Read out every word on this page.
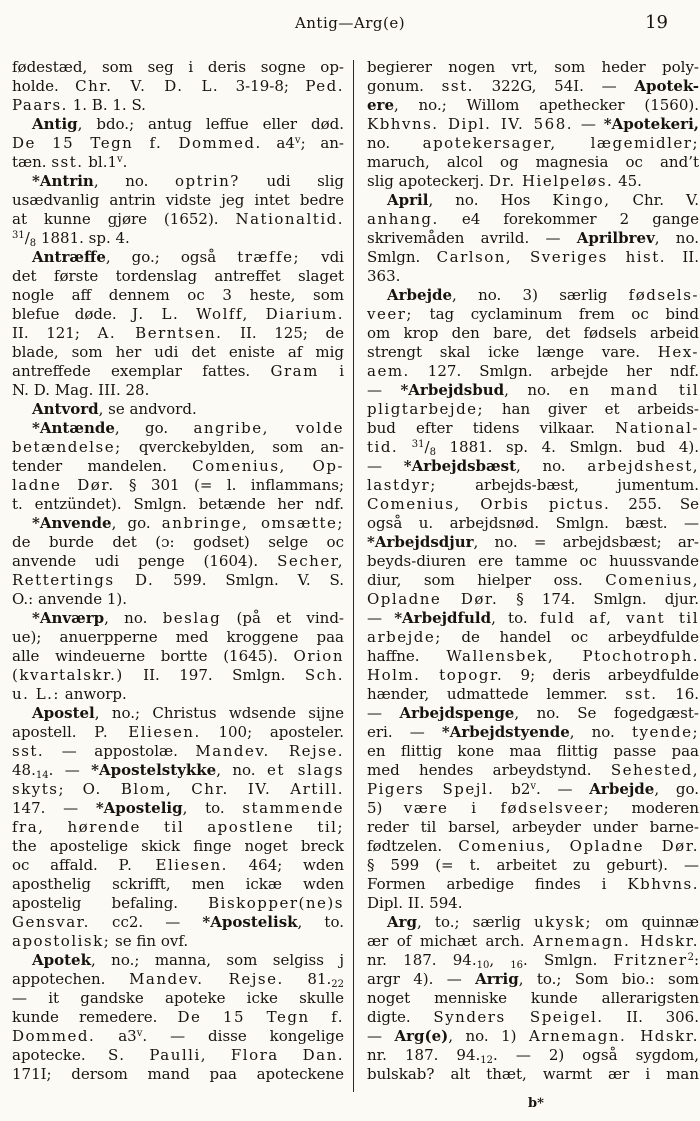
Antig—Arg(e)	19
fødestæd, som seg i deris sogne op-
holde. Chr. V. D. L. 3-19-8; Ped.
Paars. 1. B. 1. S.
Antig, bdo.; antug leffue eller død.
De 15 Tegn f. Dommed. a4$^v$; an-
tæn. sst. bl.1$^v$.
*Antrin, no. optrin? udi slig
usædvanlig antrin vidste jeg intet bedre
at kunne gjøre (1652). Nationaltid.
$^{31}/_8$ 1881. sp. 4.
Antræffe, go.; også træffe; vdi
det første tordenslag antreffet slaget
nogle aff dennem oc 3 heste, som
blefue døde. J. L. Wolff, Diarium.
II. 121; A. Berntsen. II. 125; de
blade, som her udi det eniste af mig
antreffede exemplar fattes. Gram i
N. D. Mag. III. 28.
Antvord, se andvord.
*Antænde, go. angribe, volde
betændelse; qverckebylden, som an-
tender mandelen. Comenius, Op-
ladne Dør. § 301 (= l. inflammans;
t. entzündet). Smlgn. betænde her ndf.
*Anvende, go. anbringe, omsætte;
de burde det (ɔ: godset) selge oc
anvende udi penge (1604). Secher,
Rettertings D. 599. Smlgn. V. S.
O.: anvende 1).
*Anværp, no. beslag (på et vind-
ue); anuerpperne med kroggene paa
alle windeuerne bortte (1645). Orion
(kvartalskr.) II. 197. Smlgn. Sch.
u. L.: anworp.
Apostel, no.; Christus wdsende sijne
apostell. P. Eliesen. 100; aposteler.
sst. — appostolæ. Mandev. Rejse.
$48._{14}$. — *Apostelstykke, no. et slags
skyts; O. Blom, Chr. IV. Artill.
147. — *Apostelig, to. stammende
fra, hørende til apostlene til;
the apostelige skick finge noget breck
oc affald. P. Eliesen. 464; wden
aposthelig sckrifft, men ickæ wden
apostelig befaling. Biskopper(ne)s
Gensvar. cc2. — *Apostelisk, to.
apostolisk; se fin ovf.
Apotek, no.; manna, som selgiss j
appotechen. Mandev. Rejse. $81._{22}$
— it gandske apoteke icke skulle
kunde remedere. De 15 Tegn f.
Dommed. a3$^v$. — disse kongelige
apotecke. S. Paulli, Flora Dan.
171I; dersom mand paa apoteckene
begierer nogen vrt, som heder poly-
gonum. sst. 322G, 54I. — Apotek-
ere, no.; Willom apethecker (1560).
Kbhvns. Dipl. IV. 568. — *Apotekeri,
no. apotekersager, lægemidler;
maruch, alcol og magnesia oc and’t
slig apoteckerj. Dr. Hielpeløs. 45.
April, no. Hos Kingo, Chr. V.
anhang. e4 forekommer 2 gange
skrivemåden avrild. — Aprilbrev, no.
Smlgn. Carlson, Sveriges hist. II.
363.
Arbejde, no. 3) særlig fødsels-
veer; tag cyclaminum frem oc bind
om krop den bare, det fødsels arbeid
strengt skal icke længe vare. Hex-
aem. 127. Smlgn. arbejde her ndf.
— *Arbejdsbud, no. en mand til
pligtarbejde; han giver et arbeids-
bud efter tidens vilkaar. National-
tid. $^{31}/_8$ 1881. sp. 4. Smlgn. bud 4).
— *Arbejdsbæst, no. arbejdshest,
lastdyr; arbejds-bæst, jumentum.
Comenius, Orbis pictus. 255. Se
også u. arbejdsnød. Smlgn. bæst. —
*Arbejdsdjur, no. = arbejdsbæst; ar-
beyds-diuren ere tamme oc huussvande
diur, som hielper oss. Comenius,
Opladne Dør. § 174. Smlgn. djur.
— *Arbejdfuld, to. fuld af, vant til
arbejde; de handel oc arbeydfulde
haffne. Wallensbek, Ptochotroph.
Holm. topogr. 9; deris arbeydfulde
hænder, udmattede lemmer. sst. 16.
— Arbejdspenge, no. Se fogedgæst-
eri. — *Arbejdstyende, no. tyende;
en flittig kone maa flittig passe paa
med hendes arbeydstynd. Sehested,
Pigers Spejl. b2$^v$. — Arbejde, go.
5) være i fødselsveer; moderen
reder til barsel, arbeyder under barne-
fødtzelen. Comenius, Opladne Dør.
§ 599 (= t. arbeitet zu geburt). —
Formen arbedige findes i Kbhvns.
Dipl. II. 594.
Arg, to.; særlig ukysk; om quinnæ
ær of michæt arch. Arnemagn. Hdskr.
nr. 187. $94._{10}$, $_{16}$. Smlgn. Fritzner$^2$:
argr 4). — Arrig, to.; Som bio.: som
noget menniske kunde allerarigsten
digte. Synders Speigel. II. 306.
— Arg(e), no. 1) Arnemagn. Hdskr.
nr. 187. $94._{12}$. — 2) også sygdom,
bulskab? alt thæt, warmt ær i man
b*
